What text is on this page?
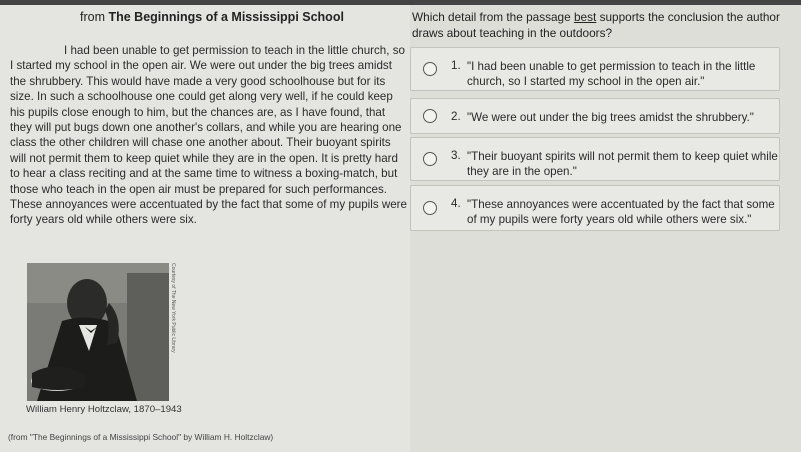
from The Beginnings of a Mississippi School
I had been unable to get permission to teach in the little church, so I started my school in the open air. We were out under the big trees amidst the shrubbery. This would have made a very good schoolhouse but for its size. In such a schoolhouse one could get along very well, if he could keep his pupils close enough to him, but the chances are, as I have found, that they will put bugs down one another's collars, and while you are hearing one class the other children will chase one another about. Their buoyant spirits will not permit them to keep quiet while they are in the open. It is pretty hard to hear a class reciting and at the same time to witness a boxing-match, but those who teach in the open air must be prepared for such performances. These annoyances were accentuated by the fact that some of my pupils were forty years old while others were six.
Courtesy of The New York Public Library
William Henry Holtzclaw, 1870–1943
(from "The Beginnings of a Mississippi School" by William H. Holtzclaw)
Which detail from the passage best supports the conclusion the author draws about teaching in the outdoors?
1. "I had been unable to get permission to teach in the little church, so I started my school in the open air."
2. "We were out under the big trees amidst the shrubbery."
3. "Their buoyant spirits will not permit them to keep quiet while they are in the open."
4. "These annoyances were accentuated by the fact that some of my pupils were forty years old while others were six."
